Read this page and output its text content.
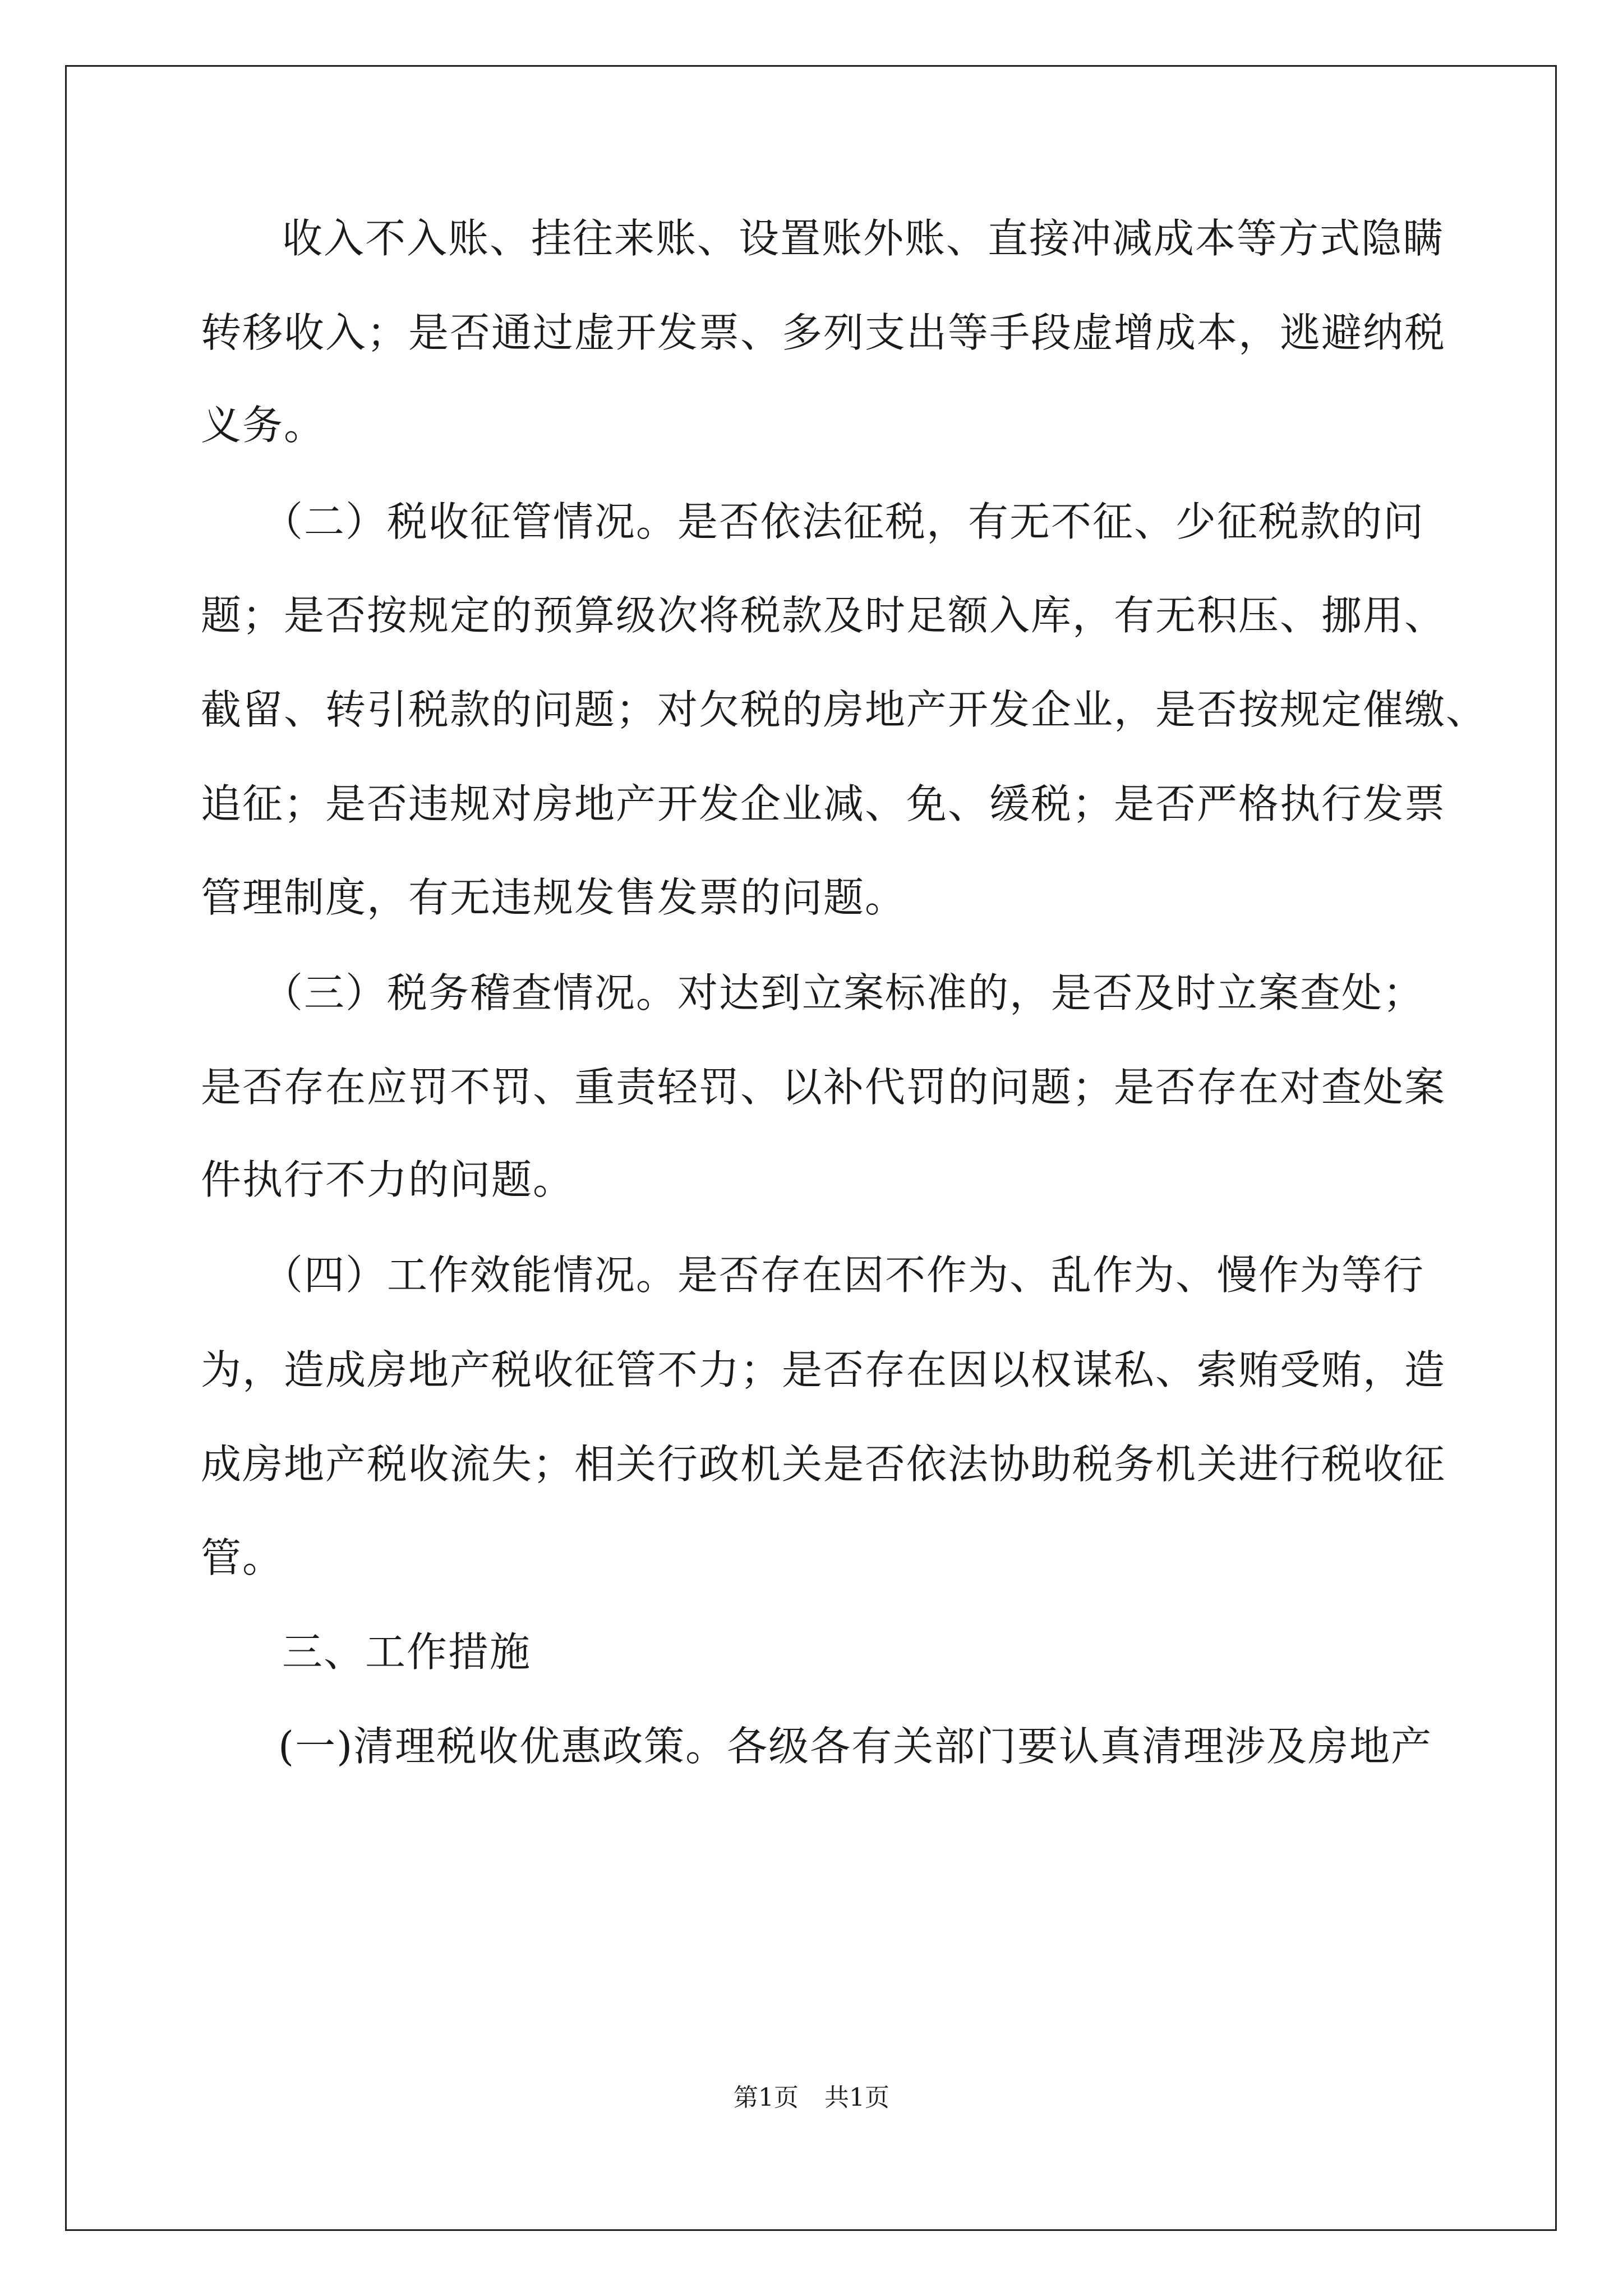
收入不入账、挂往来账、设置账外账、直接冲减成本等方式隐瞒
转移收入；是否通过虚开发票、多列支出等手段虚增成本，逃避纳税
义务。
（二）税收征管情况。是否依法征税，有无不征、少征税款的问
题；是否按规定的预算级次将税款及时足额入库，有无积压、挪用、
截留、转引税款的问题；对欠税的房地产开发企业，是否按规定催缴、
追征；是否违规对房地产开发企业减、免、缓税；是否严格执行发票
管理制度，有无违规发售发票的问题。
（三）税务稽查情况。对达到立案标准的，是否及时立案查处；
是否存在应罚不罚、重责轻罚、以补代罚的问题；是否存在对查处案
件执行不力的问题。
（四）工作效能情况。是否存在因不作为、乱作为、慢作为等行
为，造成房地产税收征管不力；是否存在因以权谋私、索贿受贿，造
成房地产税收流失；相关行政机关是否依法协助税务机关进行税收征
管。
三、工作措施
(一)清理税收优惠政策。各级各有关部门要认真清理涉及房地产
第1页 共1页
